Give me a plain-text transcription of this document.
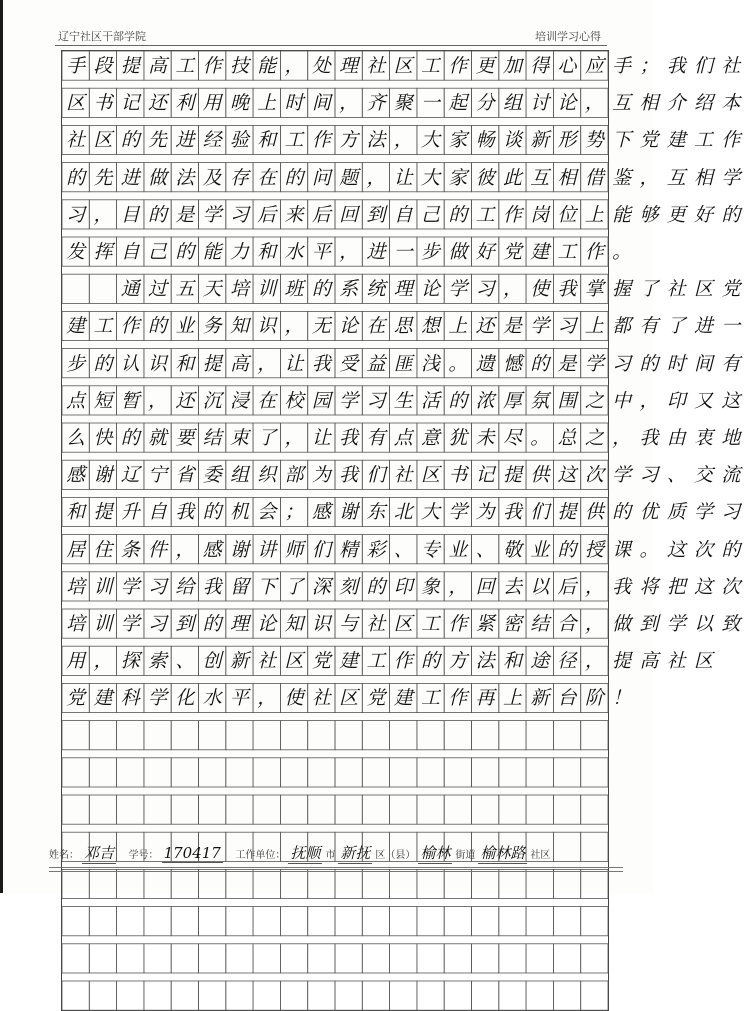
辽宁社区干部学院	培训学习心得
手 段 提 高 工 作 技 能 ， 处 理 社 区 工 作 更 加 得 心 应 手 ； 我 们 社
区 书 记 还 利 用 晚 上 时 间 ， 齐 聚 一 起 分 组 讨 论 ， 互 相 介 绍 本
社 区 的 先 进 经 验 和 工 作 方 法 ， 大 家 畅 谈 新 形 势 下 党 建 工 作
的 先 进 做 法 及 存 在 的 问 题 ， 让 大 家 彼 此 互 相 借 鉴 ， 互 相 学
习 ， 目 的 是 学 习 后 来 后 回 到 自 己 的 工 作 岗 位 上 能 够 更 好 的
发 挥 自 己 的 能 力 和 水 平 ， 进 一 步 做 好 党 建 工 作 。
通 过 五 天 培 训 班 的 系 统 理 论 学 习 ， 使 我 掌 握 了 社 区 党
建 工 作 的 业 务 知 识 ， 无 论 在 思 想 上 还 是 学 习 上 都 有 了 进 一
步 的 认 识 和 提 高 ， 让 我 受 益 匪 浅 。 遗 憾 的 是 学 习 的 时 间 有
点 短 暂 ， 还 沉 浸 在 校 园 学 习 生 活 的 浓 厚 氛 围 之 中 ， 印 又 这
么 快 的 就 要 结 束 了 ， 让 我 有 点 意 犹 未 尽 。 总 之 ， 我 由 衷 地
感 谢 辽 宁 省 委 组 织 部 为 我 们 社 区 书 记 提 供 这 次 学 习 、 交 流
和 提 升 自 我 的 机 会 ； 感 谢 东 北 大 学 为 我 们 提 供 的 优 质 学 习
居 住 条 件 ， 感 谢 讲 师 们 精 彩 、 专 业 、 敬 业 的 授 课 。 这 次 的
培 训 学 习 给 我 留 下 了 深 刻 的 印 象 ， 回 去 以 后 ， 我 将 把 这 次
培 训 学 习 到 的 理 论 知 识 与 社 区 工 作 紧 密 结 合 ， 做 到 学 以 致
用 ， 探 索 、 创 新 社 区 党 建 工 作 的 方 法 和 途 径 ， 提 高 社 区
党 建 科 学 化 水 平 ， 使 社 区 党 建 工 作 再 上 新 台 阶 ！
姓名： 邓吉 学号： 170417 工作单位： 抚顺 市 新抚 区（县） 榆林 街道 榆林路 社区
